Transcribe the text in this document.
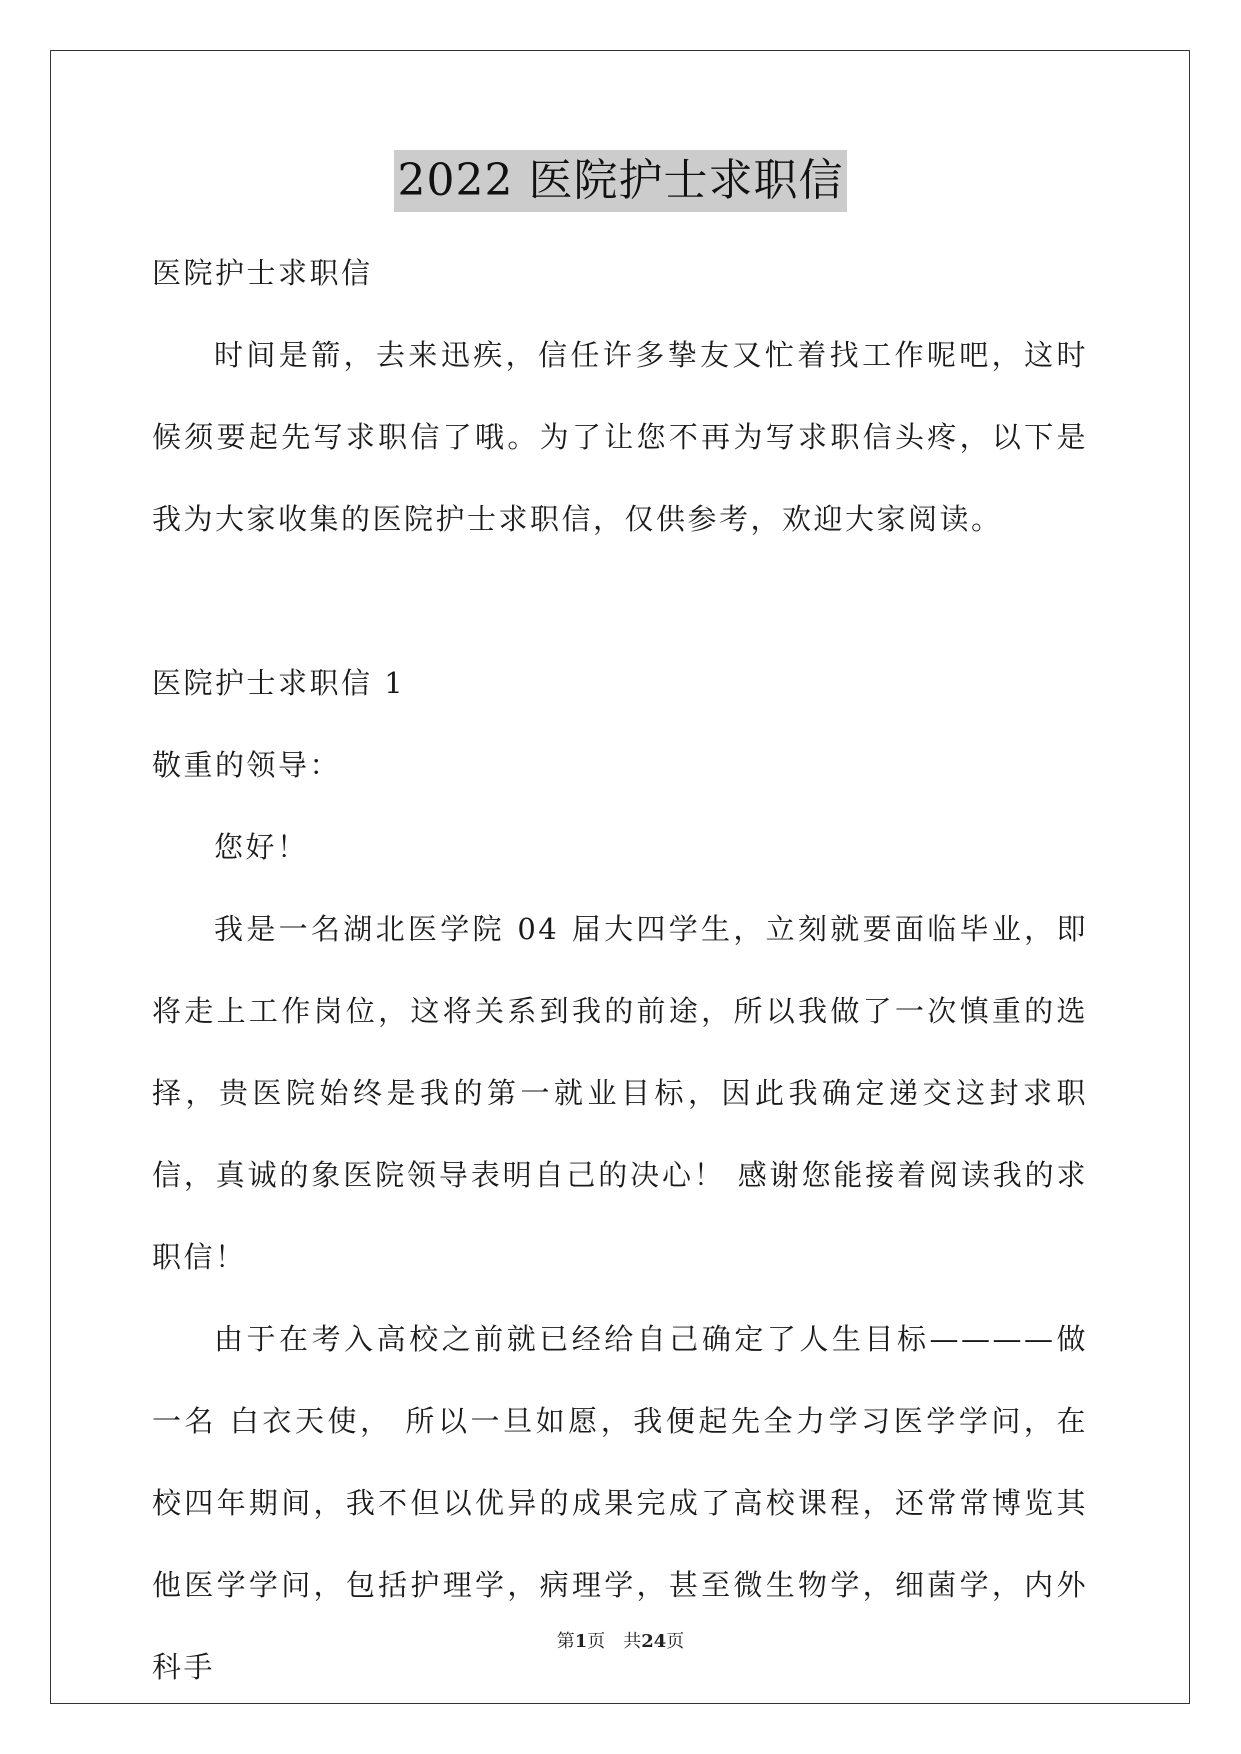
2022 医院护士求职信

医院护士求职信

时间是箭，去来迅疾，信任许多挚友又忙着找工作呢吧，这时候须要起先写求职信了哦。为了让您不再为写求职信头疼，以下是我为大家收集的医院护士求职信，仅供参考，欢迎大家阅读。

医院护士求职信 1

敬重的领导：

您好！

我是一名湖北医学院 04 届大四学生，立刻就要面临毕业，即将走上工作岗位，这将关系到我的前途，所以我做了一次慎重的选择，贵医院始终是我的第一就业目标，因此我确定递交这封求职信，真诚的象医院领导表明自己的决心！ 感谢您能接着阅读我的求职信！

由于在考入高校之前就已经给自己确定了人生目标————做一名 白衣天使， 所以一旦如愿，我便起先全力学习医学学问，在校四年期间，我不但以优异的成果完成了高校课程，还常常博览其他医学学问，包括护理学，病理学，甚至微生物学，细菌学，内外科手

第1页　共24页
